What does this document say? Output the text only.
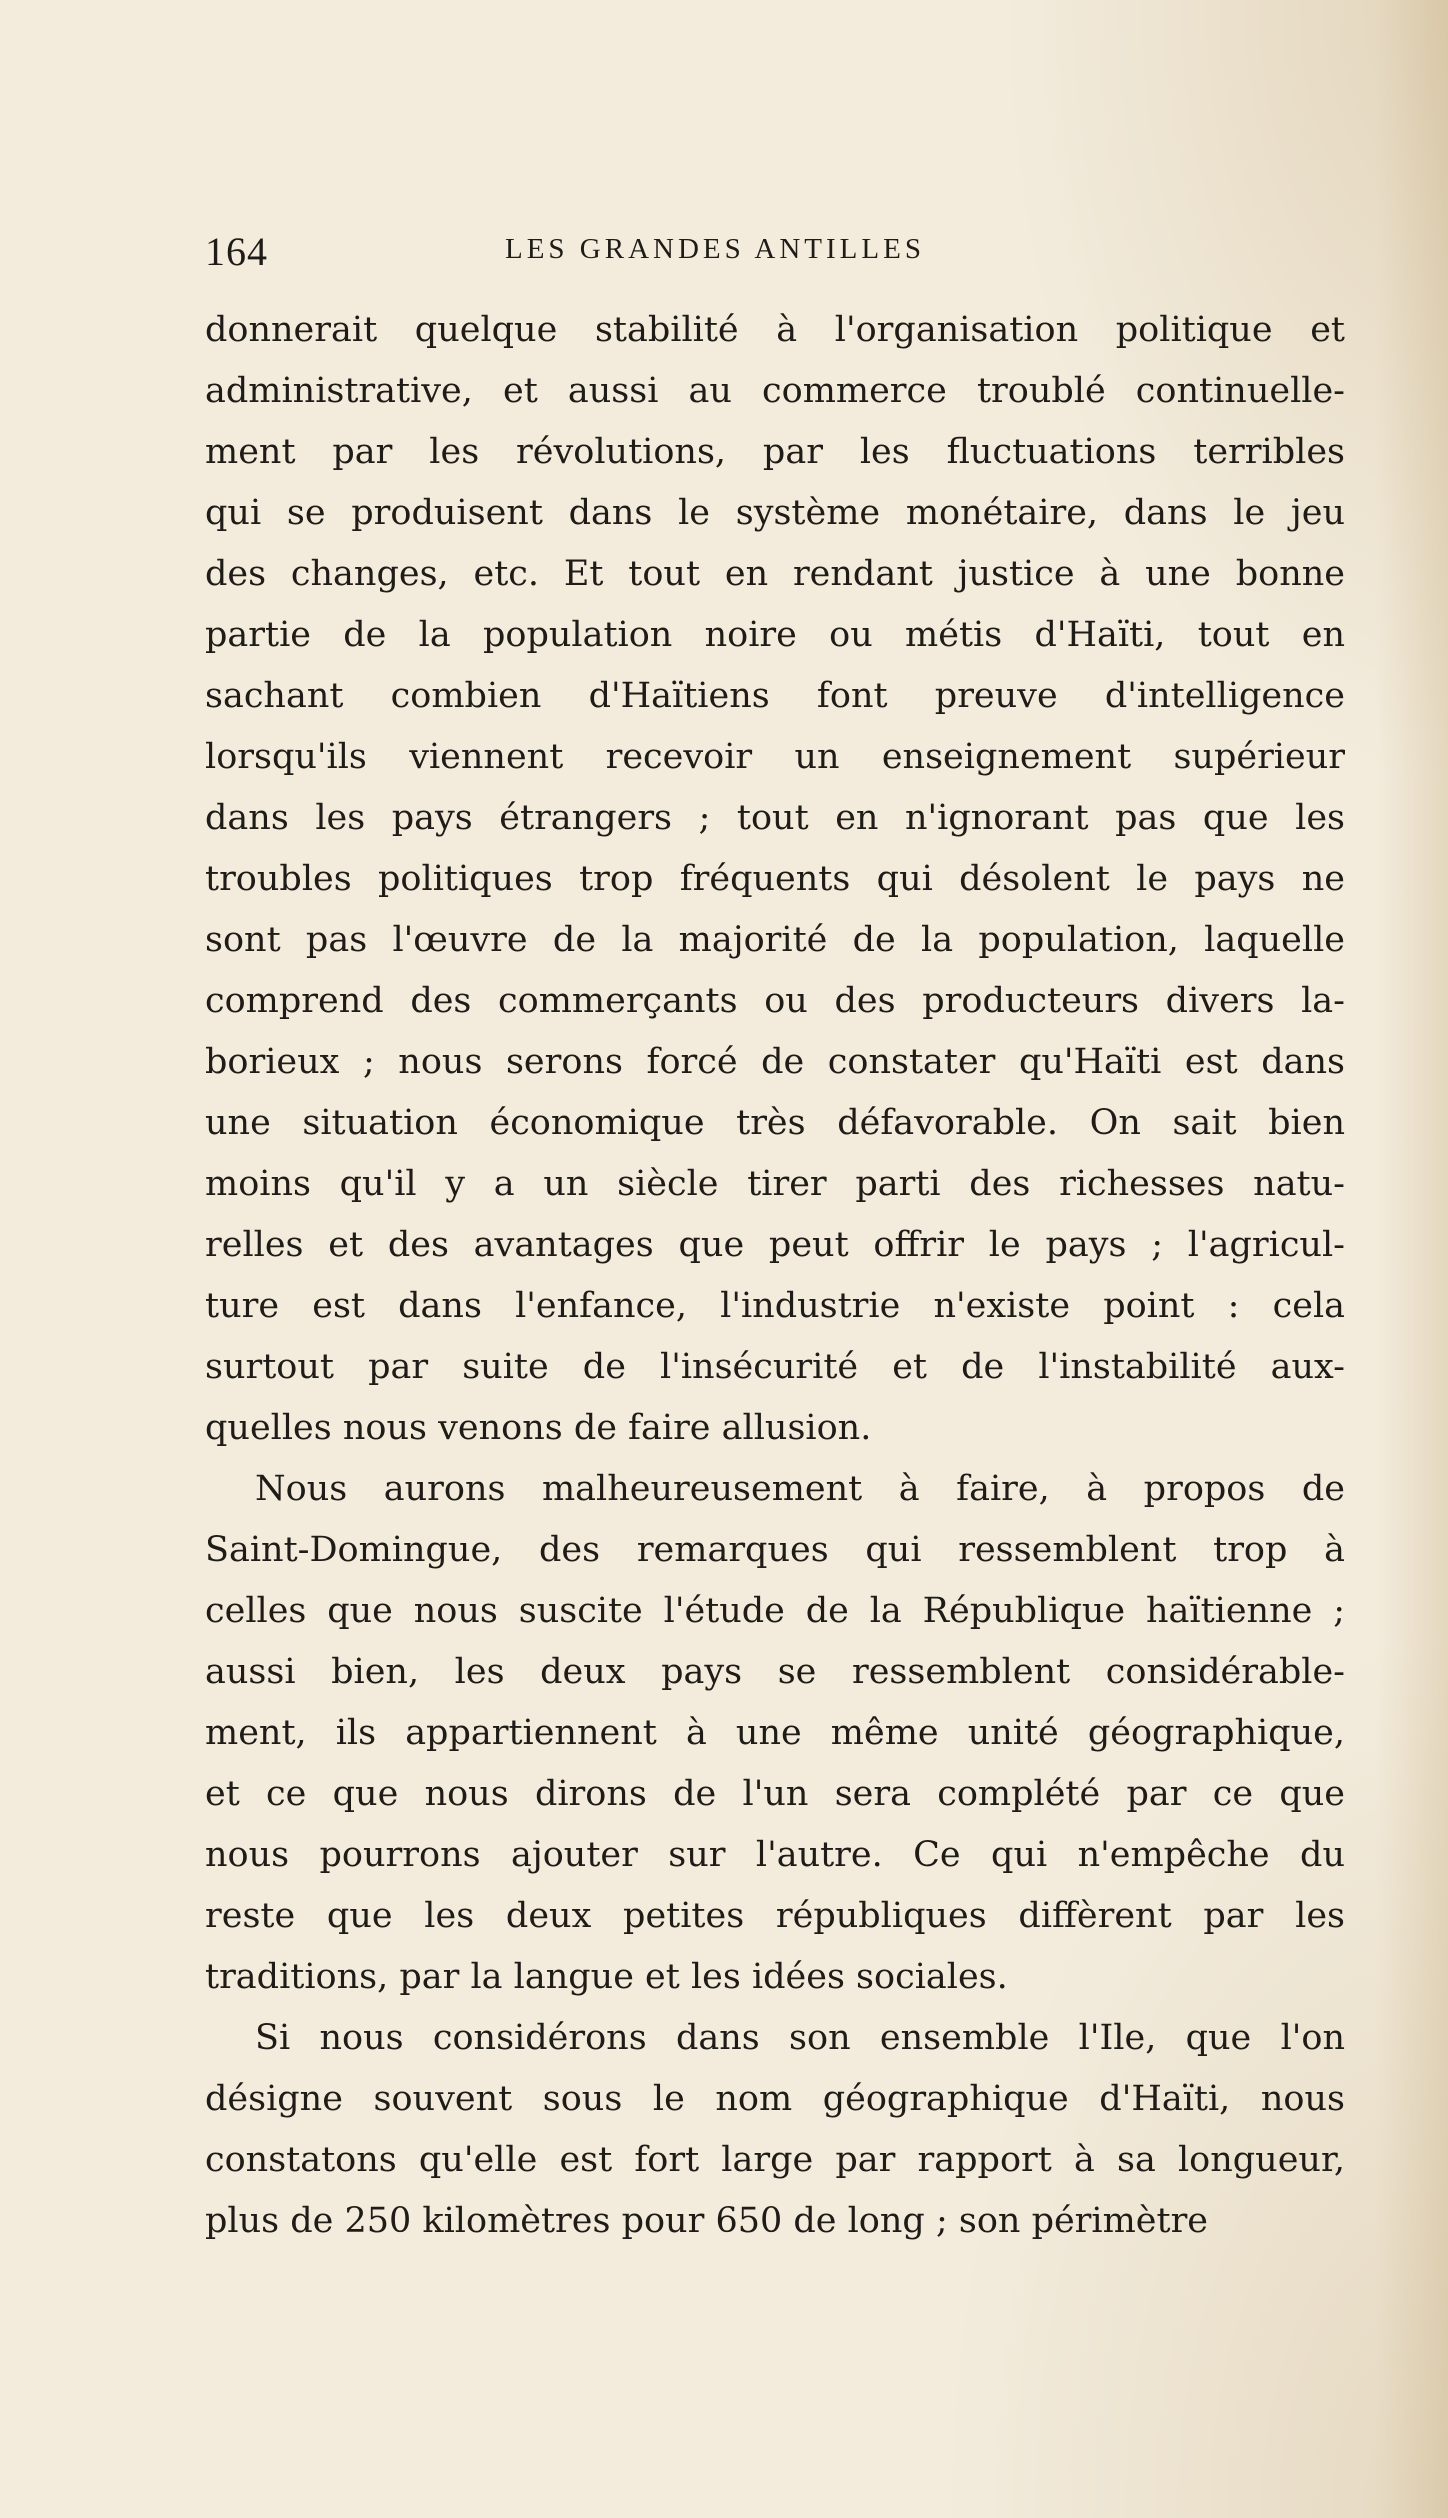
164	LES GRANDES ANTILLES
donnerait quelque stabilité à l'organisation politique et
administrative, et aussi au commerce troublé continuelle-
ment par les révolutions, par les fluctuations terribles
qui se produisent dans le système monétaire, dans le jeu
des changes, etc. Et tout en rendant justice à une bonne
partie de la population noire ou métis d'Haïti, tout en
sachant combien d'Haïtiens font preuve d'intelligence
lorsqu'ils viennent recevoir un enseignement supérieur
dans les pays étrangers ; tout en n'ignorant pas que les
troubles politiques trop fréquents qui désolent le pays ne
sont pas l'œuvre de la majorité de la population, laquelle
comprend des commerçants ou des producteurs divers la-
borieux ; nous serons forcé de constater qu'Haïti est dans
une situation économique très défavorable. On sait bien
moins qu'il y a un siècle tirer parti des richesses natu-
relles et des avantages que peut offrir le pays ; l'agricul-
ture est dans l'enfance, l'industrie n'existe point : cela
surtout par suite de l'insécurité et de l'instabilité aux-
quelles nous venons de faire allusion.
Nous aurons malheureusement à faire, à propos de
Saint-Domingue, des remarques qui ressemblent trop à
celles que nous suscite l'étude de la République haïtienne ;
aussi bien, les deux pays se ressemblent considérable-
ment, ils appartiennent à une même unité géographique,
et ce que nous dirons de l'un sera complété par ce que
nous pourrons ajouter sur l'autre. Ce qui n'empêche du
reste que les deux petites républiques diffèrent par les
traditions, par la langue et les idées sociales.
Si nous considérons dans son ensemble l'Ile, que l'on
désigne souvent sous le nom géographique d'Haïti, nous
constatons qu'elle est fort large par rapport à sa longueur,
plus de 250 kilomètres pour 650 de long ; son périmètre
